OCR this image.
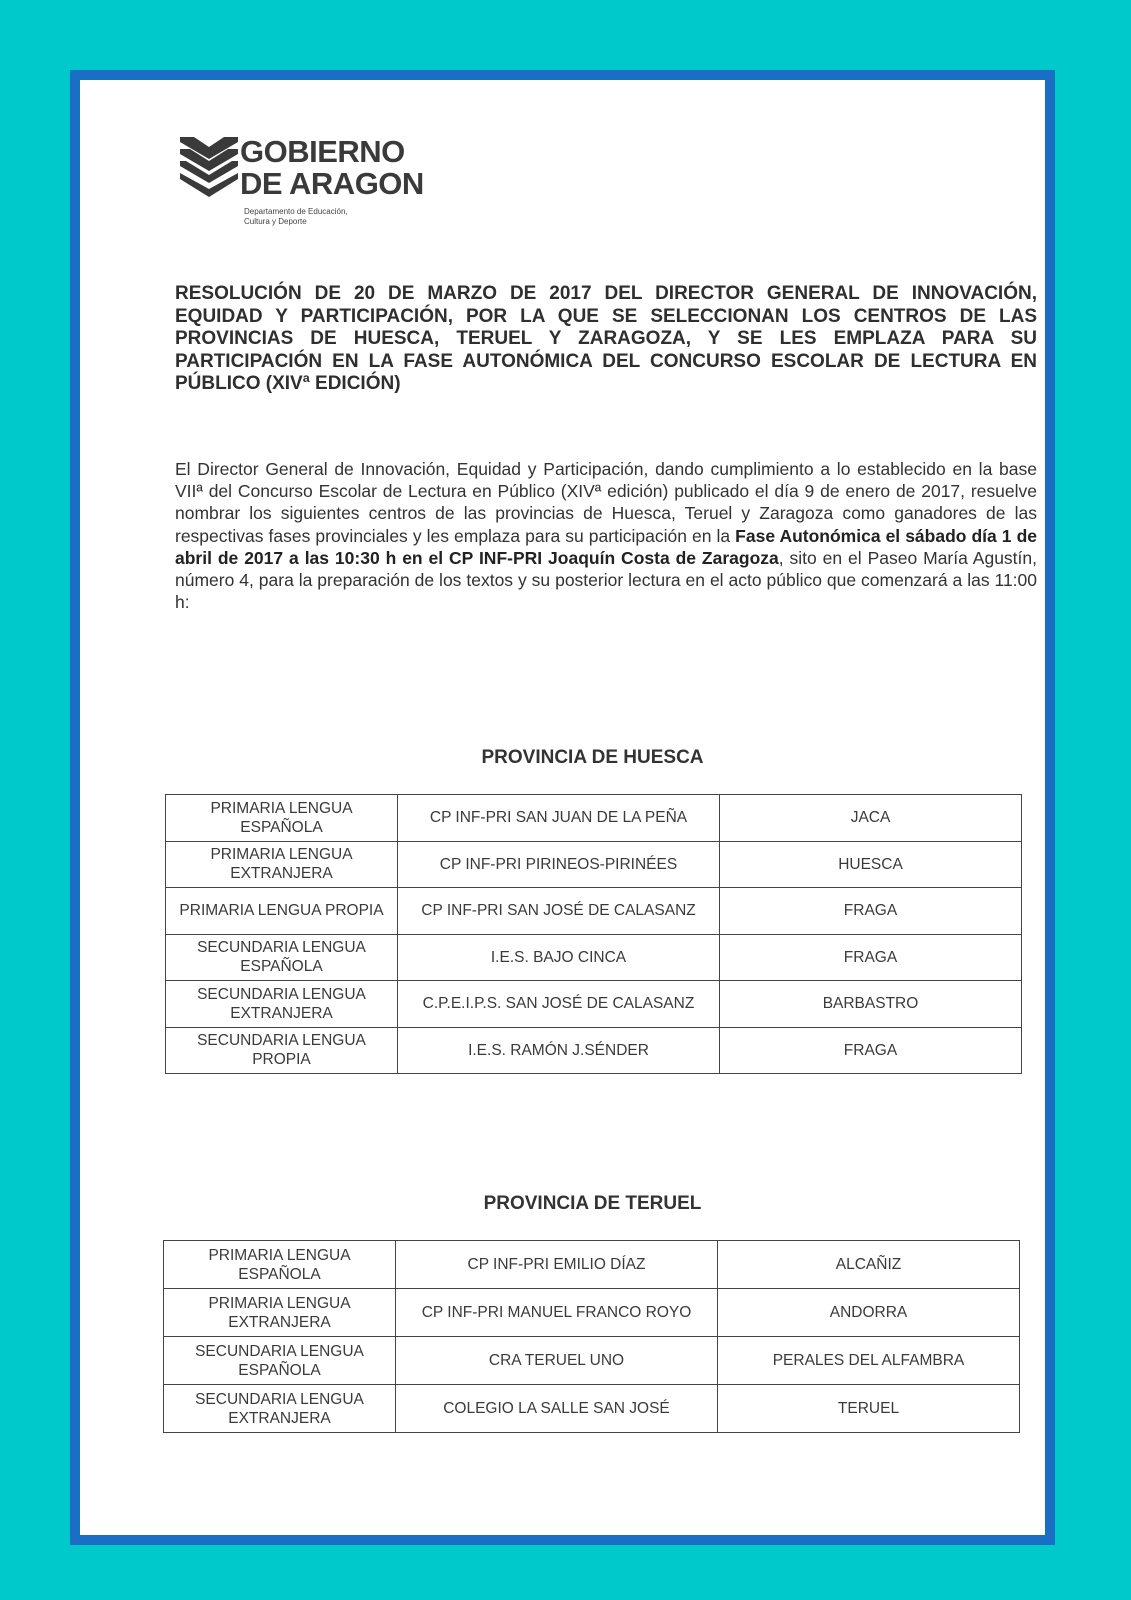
GOBIERNO
DE ARAGON
Departamento de Educación,
Cultura y Deporte
RESOLUCIÓN DE 20 DE MARZO DE 2017 DEL DIRECTOR GENERAL DE INNOVACIÓN, EQUIDAD Y PARTICIPACIÓN, POR LA QUE SE SELECCIONAN LOS CENTROS DE LAS PROVINCIAS DE HUESCA, TERUEL Y ZARAGOZA, Y SE LES EMPLAZA PARA SU PARTICIPACIÓN EN LA FASE AUTONÓMICA DEL CONCURSO ESCOLAR DE LECTURA EN PÚBLICO (XIVª EDICIÓN)
El Director General de Innovación, Equidad y Participación, dando cumplimiento a lo establecido en la base VIIª del Concurso Escolar de Lectura en Público (XIVª edición) publicado el día 9 de enero de 2017, resuelve nombrar los siguientes centros de las provincias de Huesca, Teruel y Zaragoza como ganadores de las respectivas fases provinciales y les emplaza para su participación en la Fase Autonómica el sábado día 1 de abril de 2017 a las 10:30 h en el CP INF-PRI Joaquín Costa de Zaragoza, sito en el Paseo María Agustín, número 4, para la preparación de los textos y su posterior lectura en el acto público que comenzará a las 11:00 h:
PROVINCIA DE HUESCA
PRIMARIA LENGUA ESPAÑOLA	CP INF-PRI SAN JUAN DE LA PEÑA	JACA
PRIMARIA LENGUA EXTRANJERA	CP INF-PRI PIRINEOS-PIRINÉES	HUESCA
PRIMARIA LENGUA PROPIA	CP INF-PRI SAN JOSÉ DE CALASANZ	FRAGA
SECUNDARIA LENGUA ESPAÑOLA	I.E.S. BAJO CINCA	FRAGA
SECUNDARIA LENGUA EXTRANJERA	C.P.E.I.P.S. SAN JOSÉ DE CALASANZ	BARBASTRO
SECUNDARIA LENGUA PROPIA	I.E.S. RAMÓN J.SÉNDER	FRAGA
PROVINCIA DE TERUEL
PRIMARIA LENGUA ESPAÑOLA	CP INF-PRI EMILIO DÍAZ	ALCAÑIZ
PRIMARIA LENGUA EXTRANJERA	CP INF-PRI MANUEL FRANCO ROYO	ANDORRA
SECUNDARIA LENGUA ESPAÑOLA	CRA TERUEL UNO	PERALES DEL ALFAMBRA
SECUNDARIA LENGUA EXTRANJERA	COLEGIO LA SALLE SAN JOSÉ	TERUEL
